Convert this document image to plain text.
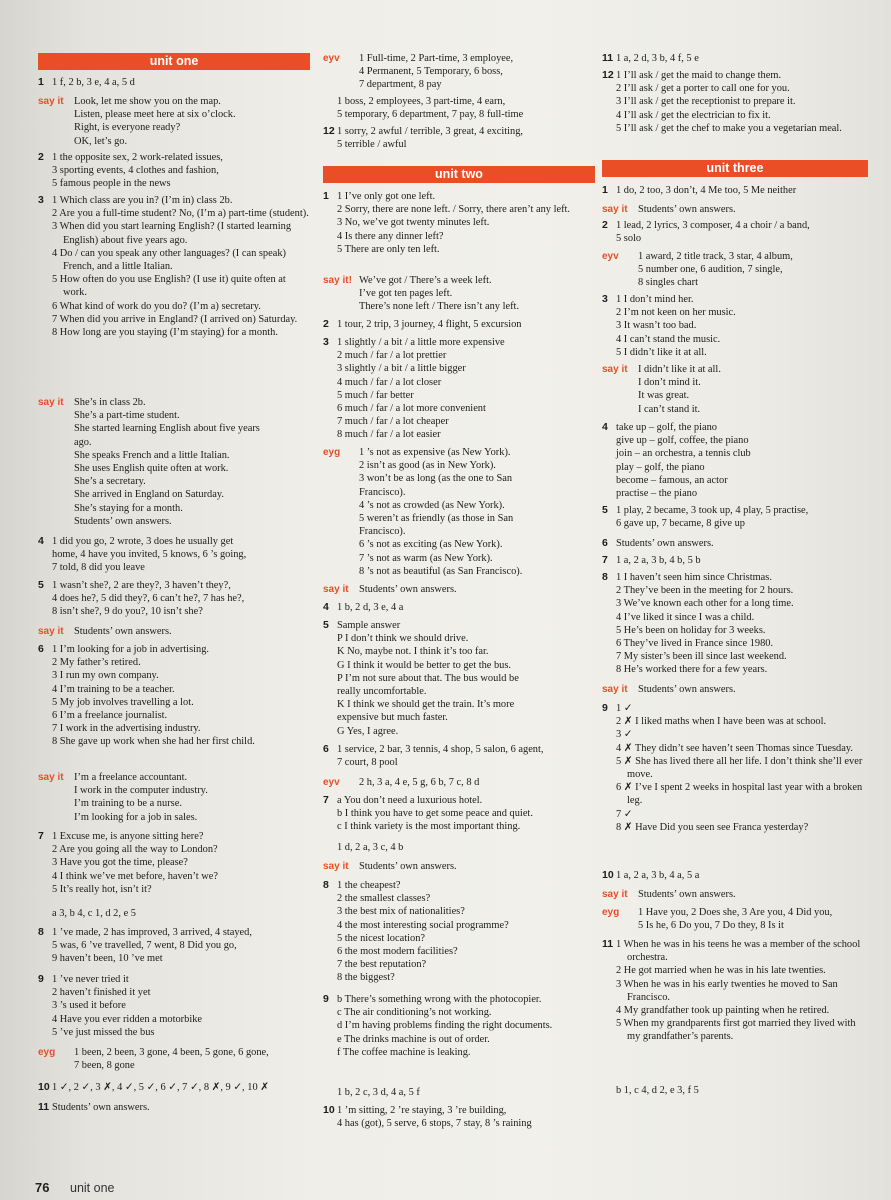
unit one
1 1 f, 2 b, 3 e, 4 a, 5 d
say it	Look, let me show you on the map.
Listen, please meet here at six o’clock.
Right, is everyone ready?
OK, let’s go.
2 1 the opposite sex, 2 work-related issues,
3 sporting events, 4 clothes and fashion,
5 famous people in the news
3 1 Which class are you in? (I’m in) class 2b.
2 Are you a full-time student? No, (I’m a) part-time (student).
3 When did you start learning English? (I started learning English) about five years ago.
4 Do / can you speak any other languages? (I can speak) French, and a little Italian.
5 How often do you use English? (I use it) quite often at work.
6 What kind of work do you do? (I’m a) secretary.
7 When did you arrive in England? (I arrived on) Saturday.
8 How long are you staying (I’m staying) for a month.
say it	She’s in class 2b.
She’s a part-time student.
She started learning English about five years
ago.
She speaks French and a little Italian.
She uses English quite often at work.
She’s a secretary.
She arrived in England on Saturday.
She’s staying for a month.
Students’ own answers.
4 1 did you go, 2 wrote, 3 does he usually get
home, 4 have you invited, 5 knows, 6 ’s going,
7 told, 8 did you leave
5 1 wasn’t she?, 2 are they?, 3 haven’t they?,
4 does he?, 5 did they?, 6 can’t he?, 7 has he?,
8 isn’t she?, 9 do you?, 10 isn’t she?
say it	Students’ own answers.
6 1 I’m looking for a job in advertising.
2 My father’s retired.
3 I run my own company.
4 I’m training to be a teacher.
5 My job involves travelling a lot.
6 I’m a freelance journalist.
7 I work in the advertising industry.
8 She gave up work when she had her first child.
say it	I’m a freelance accountant.
I work in the computer industry.
I’m training to be a nurse.
I’m looking for a job in sales.
7 1 Excuse me, is anyone sitting here?
2 Are you going all the way to London?
3 Have you got the time, please?
4 I think we’ve met before, haven’t we?
5 It’s really hot, isn’t it?
a 3, b 4, c 1, d 2, e 5
8 1 ’ve made, 2 has improved, 3 arrived, 4 stayed,
5 was, 6 ’ve travelled, 7 went, 8 Did you go,
9 haven’t been, 10 ’ve met
9 1 ’ve never tried it
2 haven’t finished it yet
3 ’s used it before
4 Have you ever ridden a motorbike
5 ’ve just missed the bus
eyg	1 been, 2 been, 3 gone, 4 been, 5 gone, 6 gone,
7 been, 8 gone
10 1 ✓, 2 ✓, 3 ✗, 4 ✓, 5 ✓, 6 ✓, 7 ✓, 8 ✗, 9 ✓, 10 ✗
11 Students’ own answers.
unit two
eyv	1 Full-time, 2 Part-time, 3 employee,
4 Permanent, 5 Temporary, 6 boss,
7 department, 8 pay
1 boss, 2 employees, 3 part-time, 4 earn,
5 temporary, 6 department, 7 pay, 8 full-time
12 1 sorry, 2 awful / terrible, 3 great, 4 exciting,
5 terrible / awful
1 1 I’ve only got one left.
2 Sorry, there are none left. / Sorry, there aren’t any left.
3 No, we’ve got twenty minutes left.
4 Is there any dinner left?
5 There are only ten left.
say it! We’ve got / There’s a week left.
I’ve got ten pages left.
There’s none left / There isn’t any left.
2 1 tour, 2 trip, 3 journey, 4 flight, 5 excursion
3 1 slightly / a bit / a little more expensive
2 much / far / a lot prettier
3 slightly / a bit / a little bigger
4 much / far / a lot closer
5 much / far better
6 much / far / a lot more convenient
7 much / far / a lot cheaper
8 much / far / a lot easier
eyg	1 ’s not as expensive (as New York).
2 isn’t as good (as in New York).
3 won’t be as long (as the one to San
Francisco).
4 ’s not as crowded (as New York).
5 weren’t as friendly (as those in San
Francisco).
6 ’s not as exciting (as New York).
7 ’s not as warm (as New York).
8 ’s not as beautiful (as San Francisco).
say it	Students’ own answers.
4 1 b, 2 d, 3 e, 4 a
5 Sample answer
P I don’t think we should drive.
K No, maybe not. I think it’s too far.
G I think it would be better to get the bus.
P I’m not sure about that. The bus would be
really uncomfortable.
K I think we should get the train. It’s more
expensive but much faster.
G Yes, I agree.
6 1 service, 2 bar, 3 tennis, 4 shop, 5 salon, 6 agent,
7 court, 8 pool
eyv	2 h, 3 a, 4 e, 5 g, 6 b, 7 c, 8 d
7 a You don’t need a luxurious hotel.
b I think you have to get some peace and quiet.
c I think variety is the most important thing.
1 d, 2 a, 3 c, 4 b
say it	Students’ own answers.
8 1 the cheapest?
2 the smallest classes?
3 the best mix of nationalities?
4 the most interesting social programme?
5 the nicest location?
6 the most modern facilities?
7 the best reputation?
8 the biggest?
9 b There’s something wrong with the photocopier.
c The air conditioning’s not working.
d I’m having problems finding the right documents.
e The drinks machine is out of order.
f The coffee machine is leaking.
1 b, 2 c, 3 d, 4 a, 5 f
10 1 ’m sitting, 2 ’re staying, 3 ’re building,
4 has (got), 5 serve, 6 stops, 7 stay, 8 ’s raining
unit three
11 1 a, 2 d, 3 b, 4 f, 5 e
12 1 I’ll ask / get the maid to change them.
2 I’ll ask / get a porter to call one for you.
3 I’ll ask / get the receptionist to prepare it.
4 I’ll ask / get the electrician to fix it.
5 I’ll ask / get the chef to make you a vegetarian meal.
1 1 do, 2 too, 3 don’t, 4 Me too, 5 Me neither
say it	Students’ own answers.
2 1 lead, 2 lyrics, 3 composer, 4 a choir / a band,
5 solo
eyv	1 award, 2 title track, 3 star, 4 album,
5 number one, 6 audition, 7 single,
8 singles chart
3 1 I don’t mind her.
2 I’m not keen on her music.
3 It wasn’t too bad.
4 I can’t stand the music.
5 I didn’t like it at all.
say it	I didn’t like it at all.
I don’t mind it.
It was great.
I can’t stand it.
4 take up – golf, the piano
give up – golf, coffee, the piano
join – an orchestra, a tennis club
play – golf, the piano
become – famous, an actor
practise – the piano
5 1 play, 2 became, 3 took up, 4 play, 5 practise,
6 gave up, 7 became, 8 give up
6 Students’ own answers.
7 1 a, 2 a, 3 b, 4 b, 5 b
8 1 I haven’t seen him since Christmas.
2 They’ve been in the meeting for 2 hours.
3 We’ve known each other for a long time.
4 I’ve liked it since I was a child.
5 He’s been on holiday for 3 weeks.
6 They’ve lived in France since 1980.
7 My sister’s been ill since last weekend.
8 He’s worked there for a few years.
say it	Students’ own answers.
9 1 ✓
2 ✗ I liked maths when I have been was at school.
3 ✓
4 ✗ They didn’t see haven’t seen Thomas since Tuesday.
5 ✗ She has lived there all her life. I don’t think she’ll ever move.
6 ✗ I’ve I spent 2 weeks in hospital last year with a broken leg.
7 ✓
8 ✗ Have Did you seen see Franca yesterday?
10 1 a, 2 a, 3 b, 4 a, 5 a
say it	Students’ own answers.
eyg	1 Have you, 2 Does she, 3 Are you, 4 Did you,
5 Is he, 6 Do you, 7 Do they, 8 Is it
11 1 When he was in his teens he was a member of the school orchestra.
2 He got married when he was in his late twenties.
3 When he was in his early twenties he moved to San Francisco.
4 My grandfather took up painting when he retired.
5 When my grandparents first got married they lived with my grandfather’s parents.
b 1, c 4, d 2, e 3, f 5
76 unit one
